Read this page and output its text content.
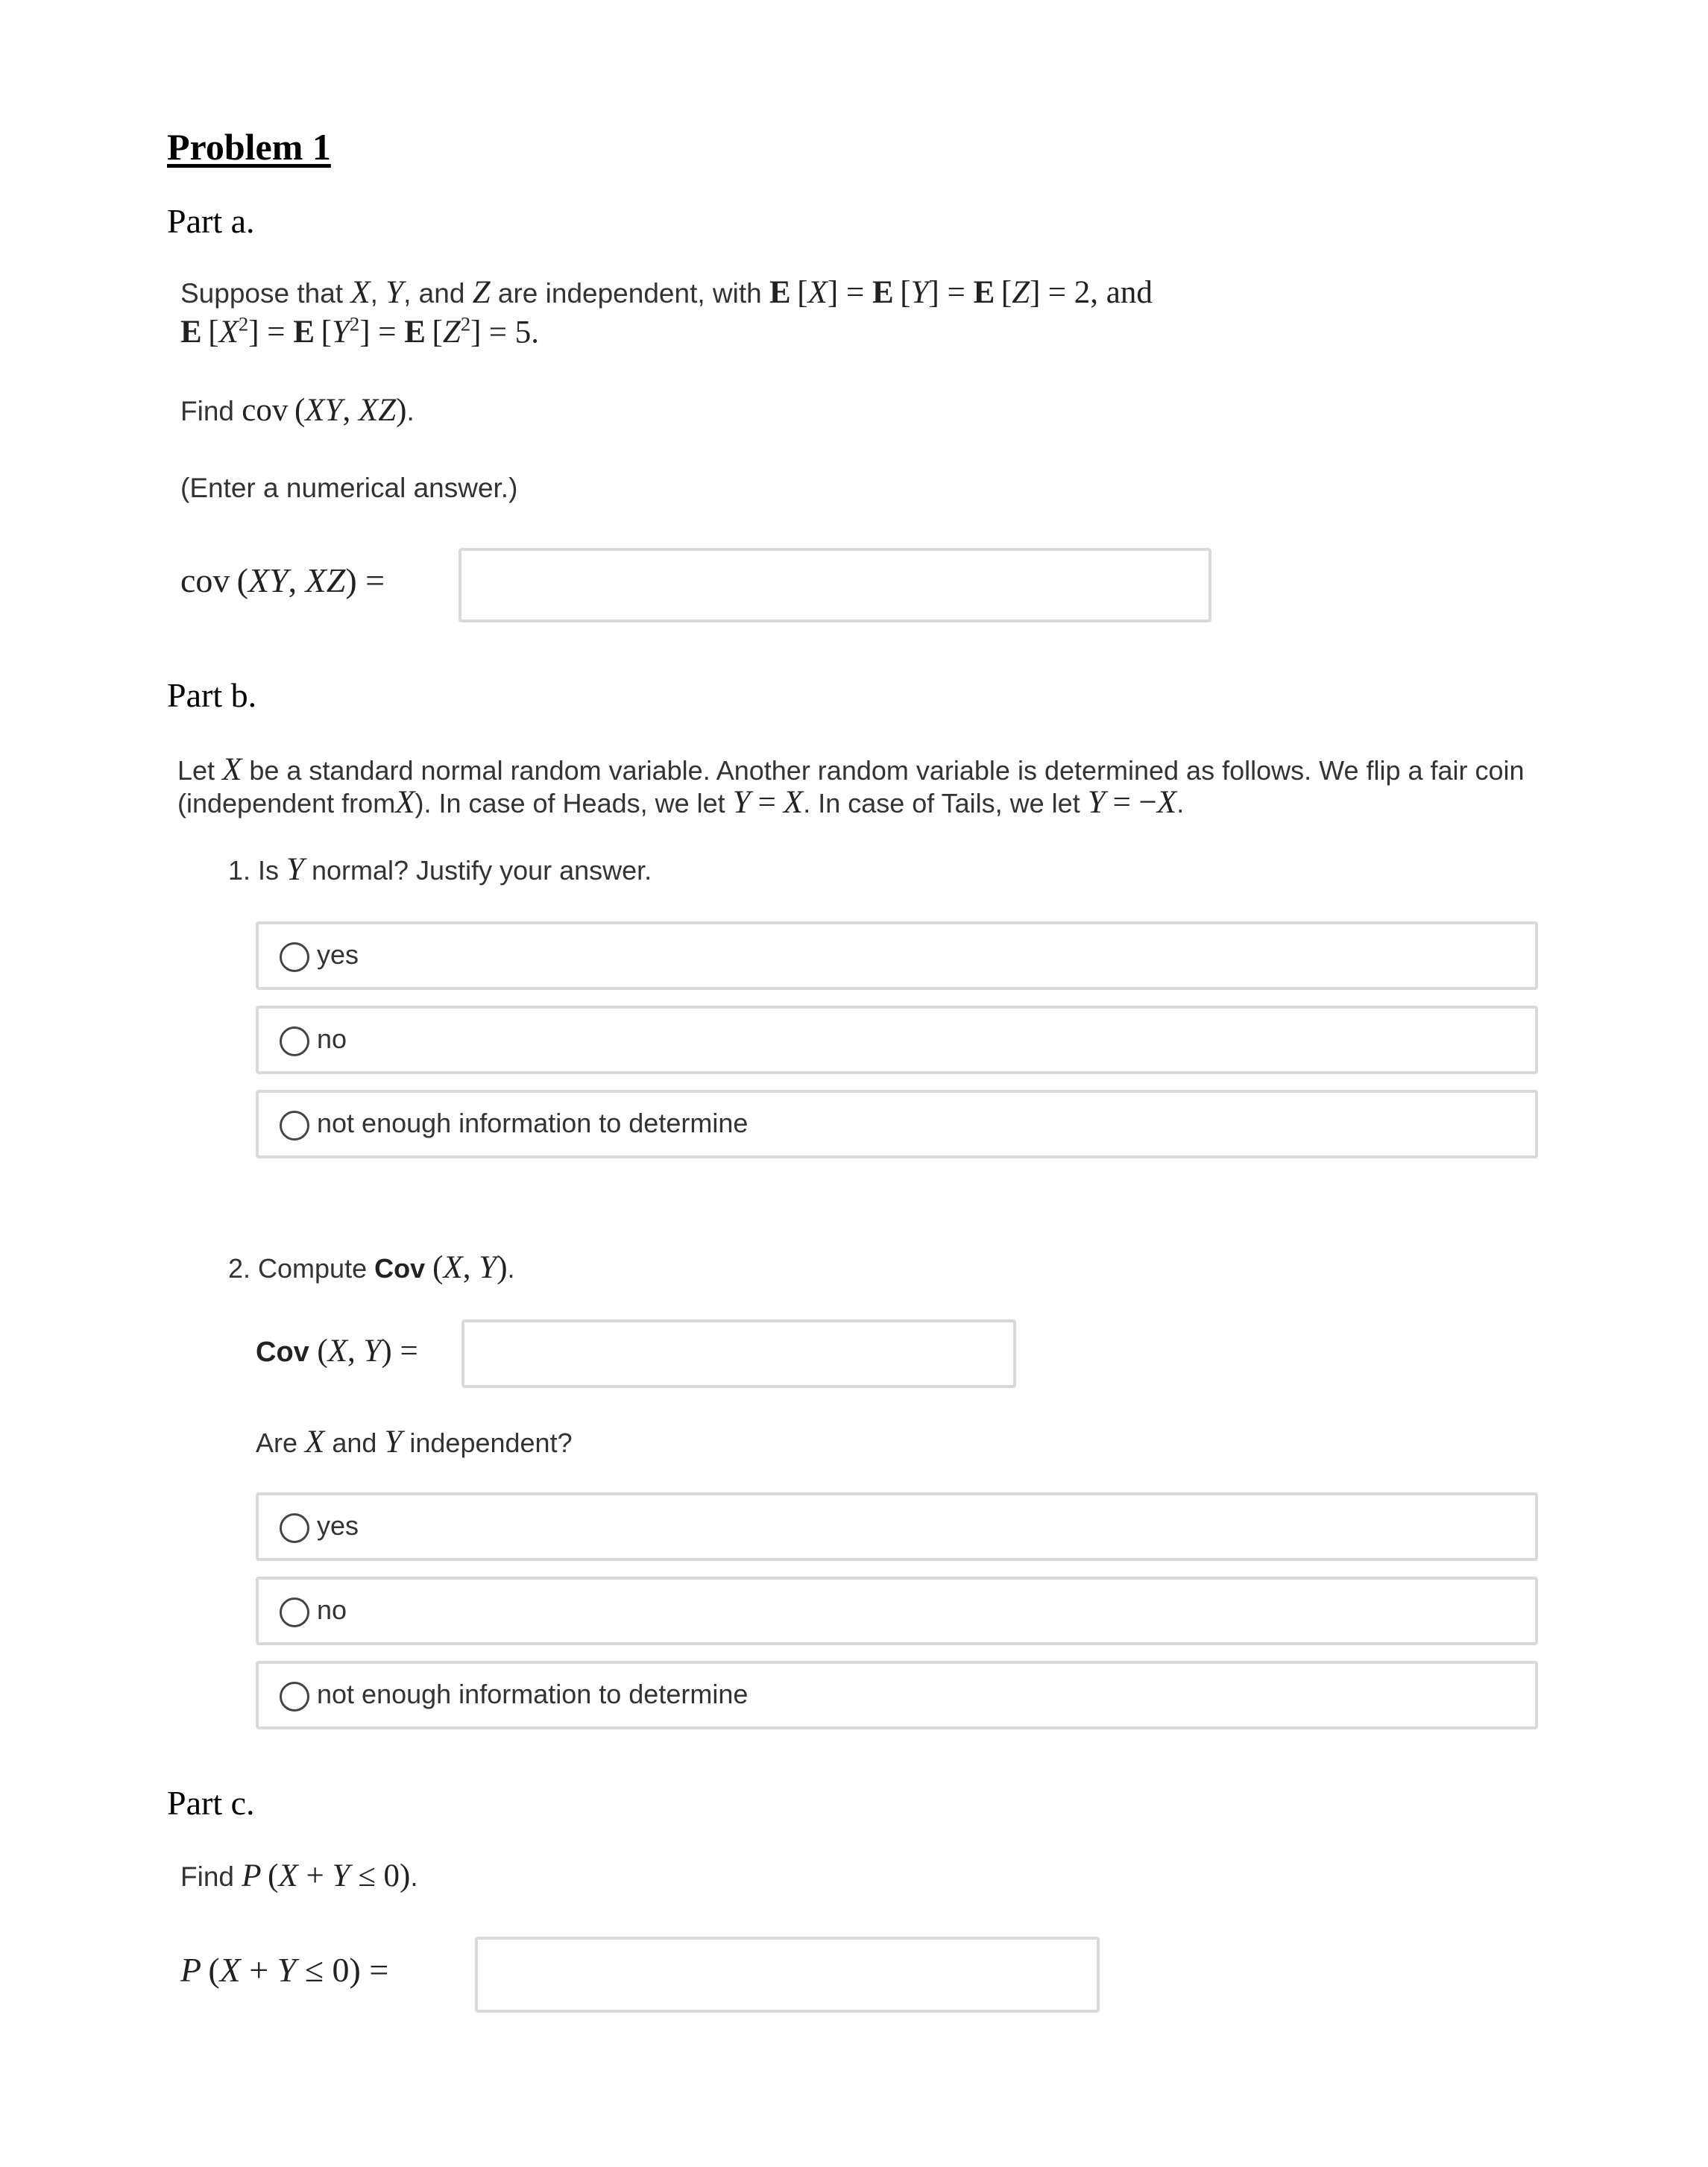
Problem 1
Part a.
Suppose that X, Y, and Z are independent, with E [X] = E [Y] = E [Z] = 2, and
E $[X^2] = E$ $[Y^2] = E$ $[Z^2] = 5$.
Find cov (XY, XZ).
(Enter a numerical answer.)
cov (XY, XZ) =
Part b.
Let X be a standard normal random variable. Another random variable is determined as follows. We flip a fair coin
(independent fromX). In case of Heads, we let Y = X. In case of Tails, we let Y = −X.
1. Is Y normal? Justify your answer.
yes
no
not enough information to determine
2. Compute Cov (X, Y).
Cov (X, Y) =
Are X and Y independent?
yes
no
not enough information to determine
Part c.
Find P (X + Y ≤ 0).
P (X + Y ≤ 0) =
